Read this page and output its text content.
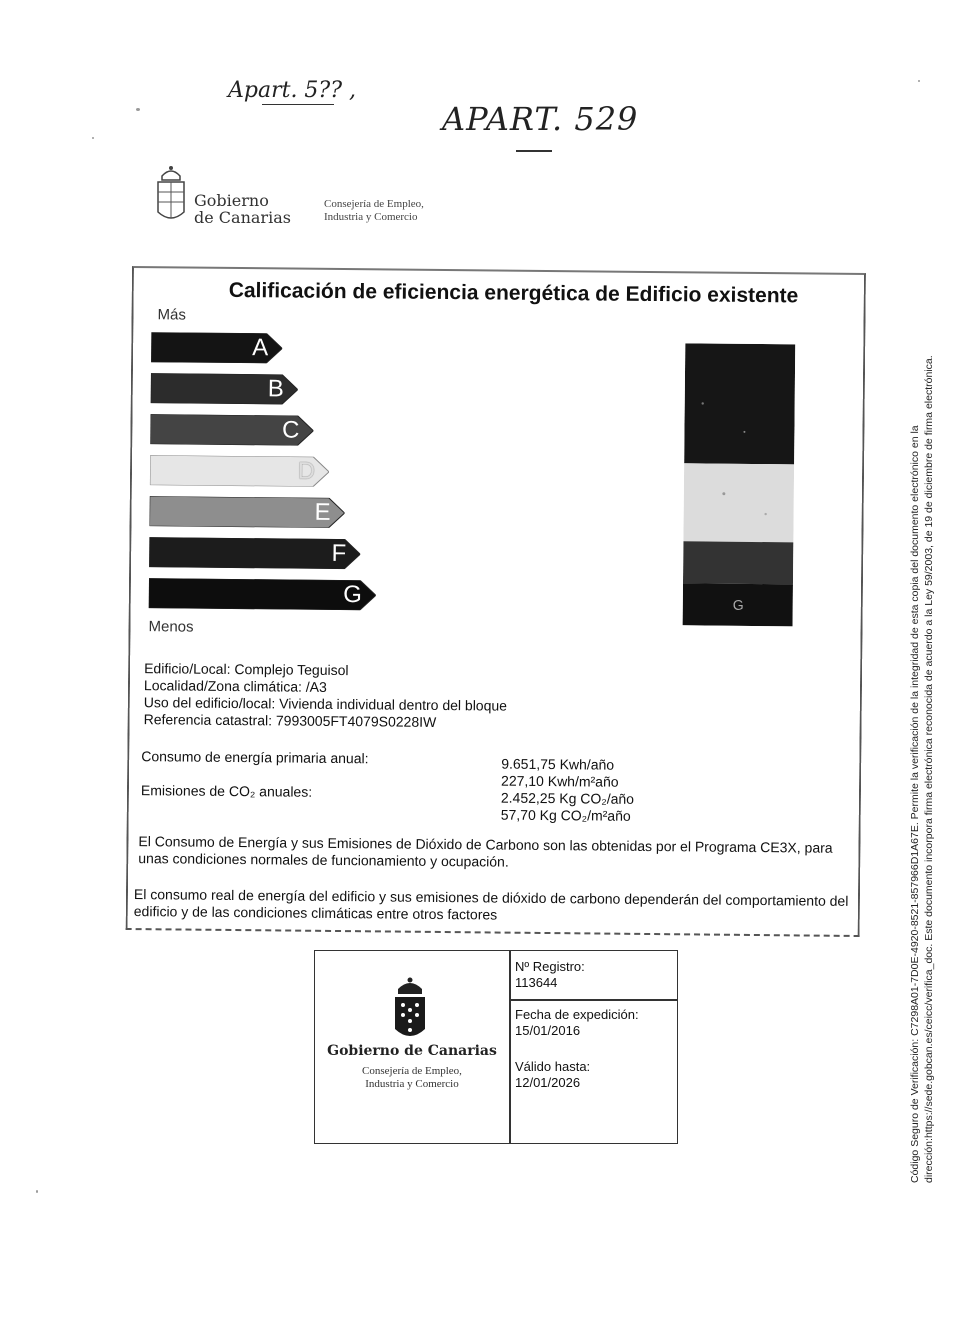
Apart. 5?? ,
APART. 529
Gobierno
de Canarias
Consejería de Empleo,
Industria y Comercio
Calificación de eficiencia energética de Edificio existente
Más
A
B
C
D
E
F
G	G
Menos
Edificio/Local: Complejo Teguisol
Localidad/Zona climática: /A3
Uso del edificio/local: Vivienda individual dentro del bloque
Referencia catastral: 7993005FT4079S0228IW
Consumo de energía primaria anual:
Emisiones de CO₂ anuales:
9.651,75 Kwh/año
227,10 Kwh/m²año
2.452,25 Kg CO₂/año
57,70 Kg CO₂/m²año
El Consumo de Energía y sus Emisiones de Dióxido de Carbono son las obtenidas por el Programa CE3X, para unas condiciones normales de funcionamiento y ocupación.
El consumo real de energía del edificio y sus emisiones de dióxido de carbono dependerán del comportamiento del edificio y de las condiciones climáticas entre otros factores
Gobierno de Canarias
Consejería de Empleo,
Industria y Comercio
Nº Registro:
113644
Fecha de expedición:
15/01/2016
Válido hasta:
12/01/2026	Código Seguro de Verificación: C7298A01-7D0E-4920-8521-857966D1A67E. Permite la verificación de la integridad de esta copia del documento electrónico en la dirección:https://sede.gobcan.es/ceicc/verifica_doc. Este documento incorpora firma electrónica reconocida de acuerdo a la Ley 59/2003, de 19 de diciembre de firma electrónica.
